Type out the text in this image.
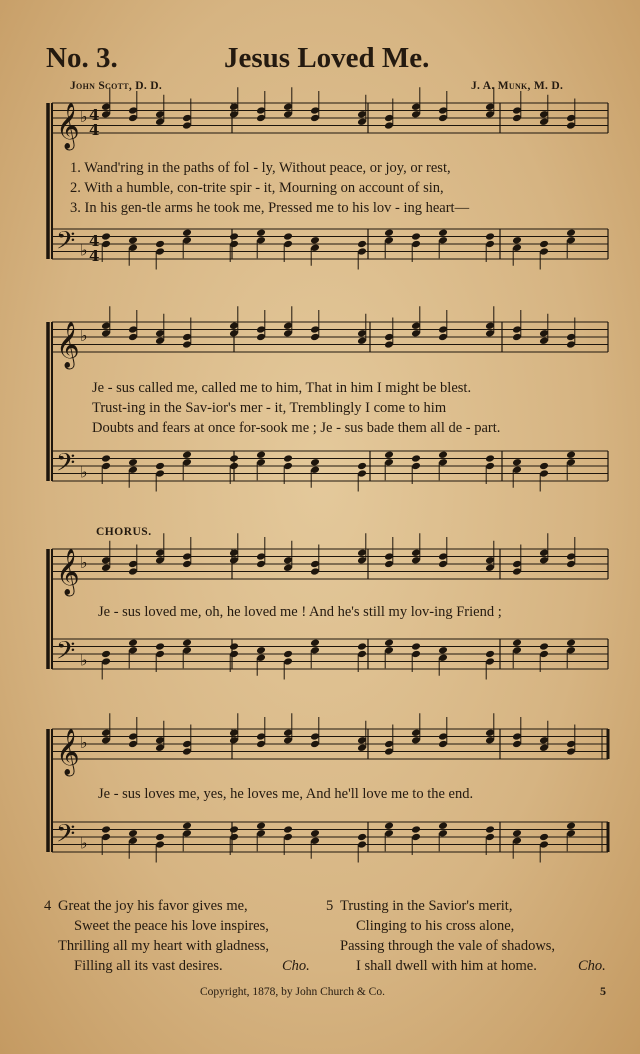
No. 3.	Jesus Loved Me.
John Scott, D. D.	J. A. Munk, M. D.
𝄞
𝄢
♭
♭
𝄞
𝄢
♭
♭
𝄞
𝄢
♭
♭
𝄞
𝄢
♭
♭
4
4
4
4
1. Wand'ring in the paths of fol - ly, Without peace, or joy, or rest,
2. With a humble, con-trite spir - it, Mourning on account of sin,
3. In his gen-tle arms he took me, Pressed me to his lov - ing heart—
Je - sus called me, called me to him, That in him I might be blest.
Trust-ing in the Sav-ior's mer - it, Tremblingly I come to him
Doubts and fears at once for-sook me ; Je - sus bade them all de - part.
CHORUS.
Je - sus loved me, oh, he loved me ! And he's still my lov-ing Friend ;
Je - sus loves me, yes, he loves me, And he'll love me to the end.
4 Great the joy his favor gives me,
Sweet the peace his love inspires,
Thrilling all my heart with gladness,
Filling all its vast desires.	Cho.
5 Trusting in the Savior's merit,
Clinging to his cross alone,
Passing through the vale of shadows,
I shall dwell with him at home.	Cho.
Copyright, 1878, by John Church & Co.	5
